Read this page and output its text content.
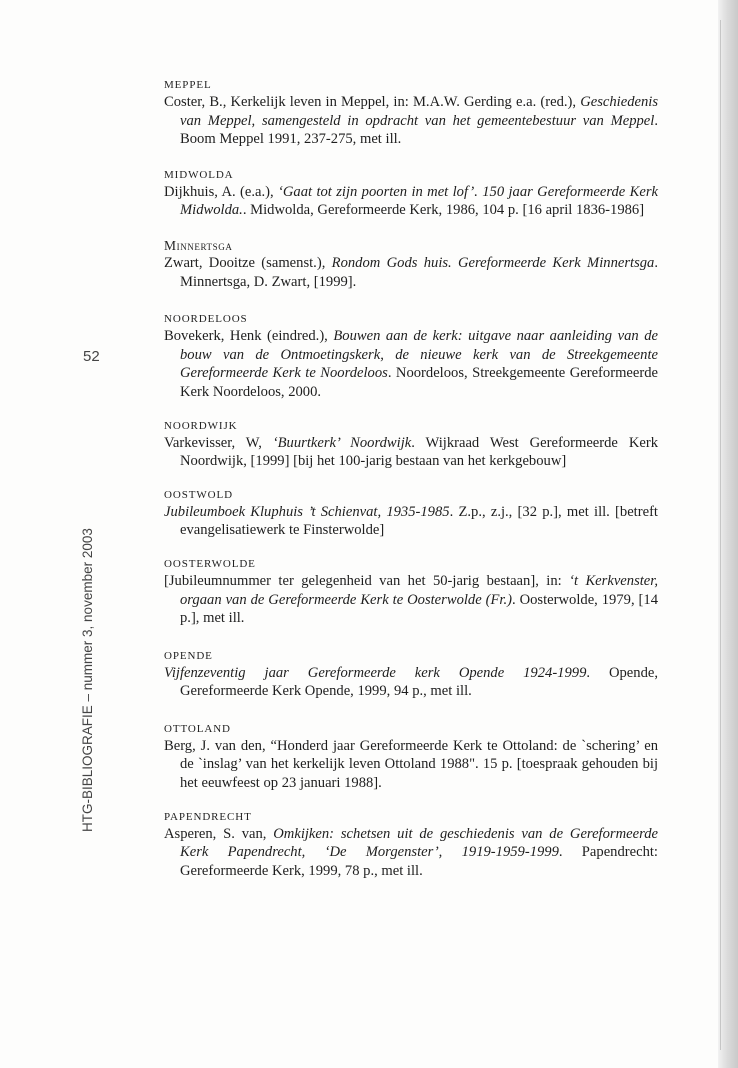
52
HTG-BIBLIOGRAFIE – nummer 3, november 2003
MEPPEL
Coster, B., Kerkelijk leven in Meppel, in: M.A.W. Gerding e.a. (red.), Geschiedenis van Meppel, samengesteld in opdracht van het gemeentebestuur van Meppel. Boom Meppel 1991, 237-275, met ill.
MIDWOLDA
Dijkhuis, A. (e.a.), ‘Gaat tot zijn poorten in met lof’. 150 jaar Gereformeerde Kerk Midwolda.. Midwolda, Gereformeerde Kerk, 1986, 104 p. [16 april 1836-1986]
Minnertsga
Zwart, Dooitze (samenst.), Rondom Gods huis. Gereformeerde Kerk Minnertsga. Minnertsga, D. Zwart, [1999].
NOORDELOOS
Bovekerk, Henk (eindred.), Bouwen aan de kerk: uitgave naar aanleiding van de bouw van de Ontmoetingskerk, de nieuwe kerk van de Streekgemeente Gereformeerde Kerk te Noordeloos. Noordeloos, Streekgemeente Gereformeerde Kerk Noordeloos, 2000.
NOORDWIJK
Varkevisser, W, ‘Buurtkerk’ Noordwijk. Wijkraad West Gereformeerde Kerk Noordwijk, [1999] [bij het 100-jarig bestaan van het kerkgebouw]
OOSTWOLD
Jubileumboek Kluphuis ’t Schienvat, 1935-1985. Z.p., z.j., [32 p.], met ill. [betreft evangelisatiewerk te Finsterwolde]
OOSTERWOLDE
[Jubileumnummer ter gelegenheid van het 50-jarig bestaan], in: ‘t Kerkvenster, orgaan van de Gereformeerde Kerk te Oosterwolde (Fr.). Oosterwolde, 1979, [14 p.], met ill.
OPENDE
Vijfenzeventig jaar Gereformeerde kerk Opende 1924-1999. Opende, Gereformeerde Kerk Opende, 1999, 94 p., met ill.
OTTOLAND
Berg, J. van den, “Honderd jaar Gereformeerde Kerk te Ottoland: de `schering’ en de `inslag’ van het kerkelijk leven Ottoland 1988". 15 p. [toespraak gehouden bij het eeuwfeest op 23 januari 1988].
PAPENDRECHT
Asperen, S. van, Omkijken: schetsen uit de geschiedenis van de Gereformeerde Kerk Papendrecht, ‘De Morgenster’, 1919-1959-1999. Papendrecht: Gereformeerde Kerk, 1999, 78 p., met ill.
